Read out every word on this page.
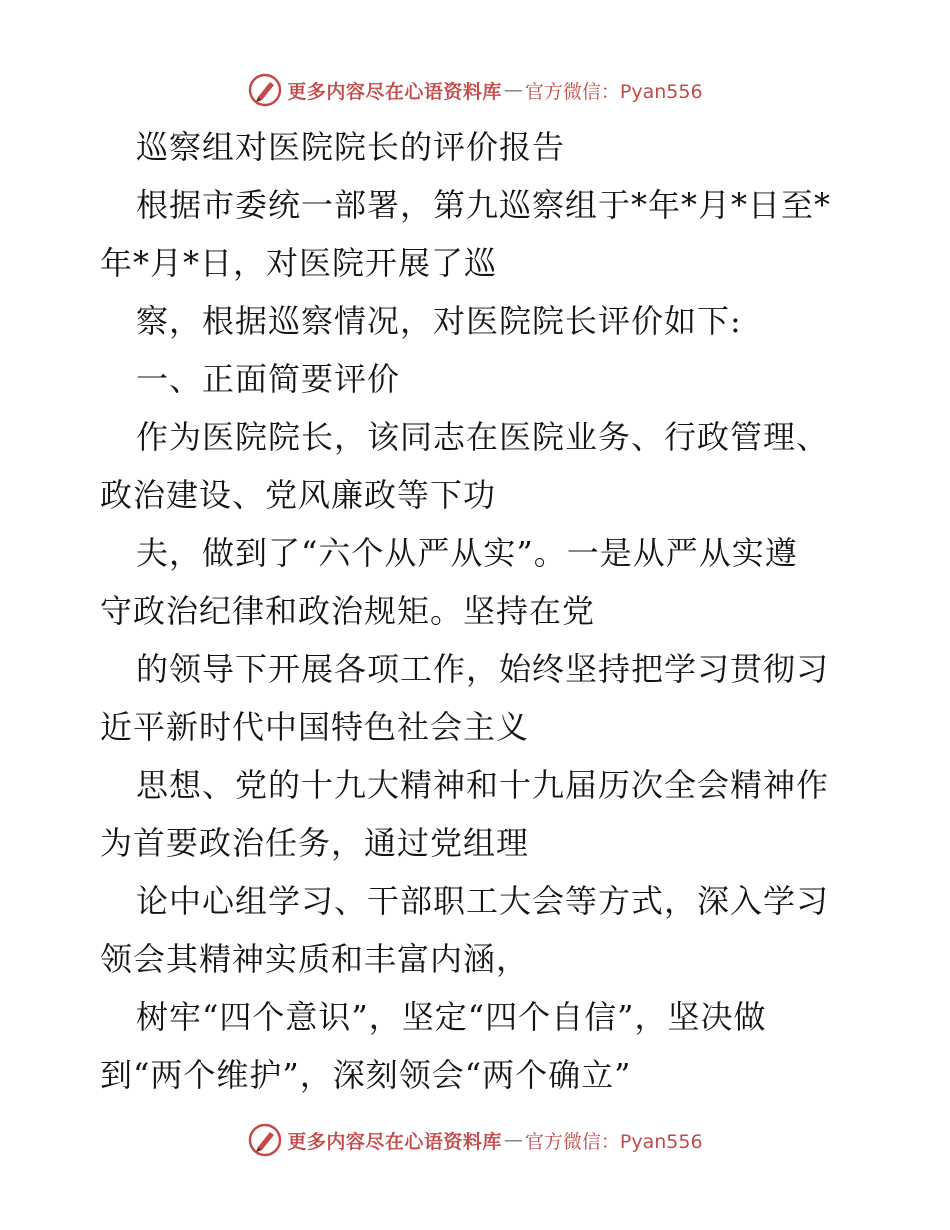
更多内容尽在心语资料库 — 官方微信：Pyan556
巡察组对医院院长的评价报告
根据市委统一部署，第九巡察组于*年*月*日至*
年*月*日，对医院开展了巡
察，根据巡察情况，对医院院长评价如下:
一、正面简要评价
作为医院院长，该同志在医院业务、行政管理、
政治建设、党风廉政等下功
夫，做到了“六个从严从实”。一是从严从实遵
守政治纪律和政治规矩。坚持在党
的领导下开展各项工作，始终坚持把学习贯彻习
近平新时代中国特色社会主义
思想、党的十九大精神和十九届历次全会精神作
为首要政治任务，通过党组理
论中心组学习、干部职工大会等方式，深入学习
领会其精神实质和丰富内涵，
树牢“四个意识”，坚定“四个自信”，坚决做
到“两个维护”，深刻领会“两个确立”
更多内容尽在心语资料库 — 官方微信：Pyan556
